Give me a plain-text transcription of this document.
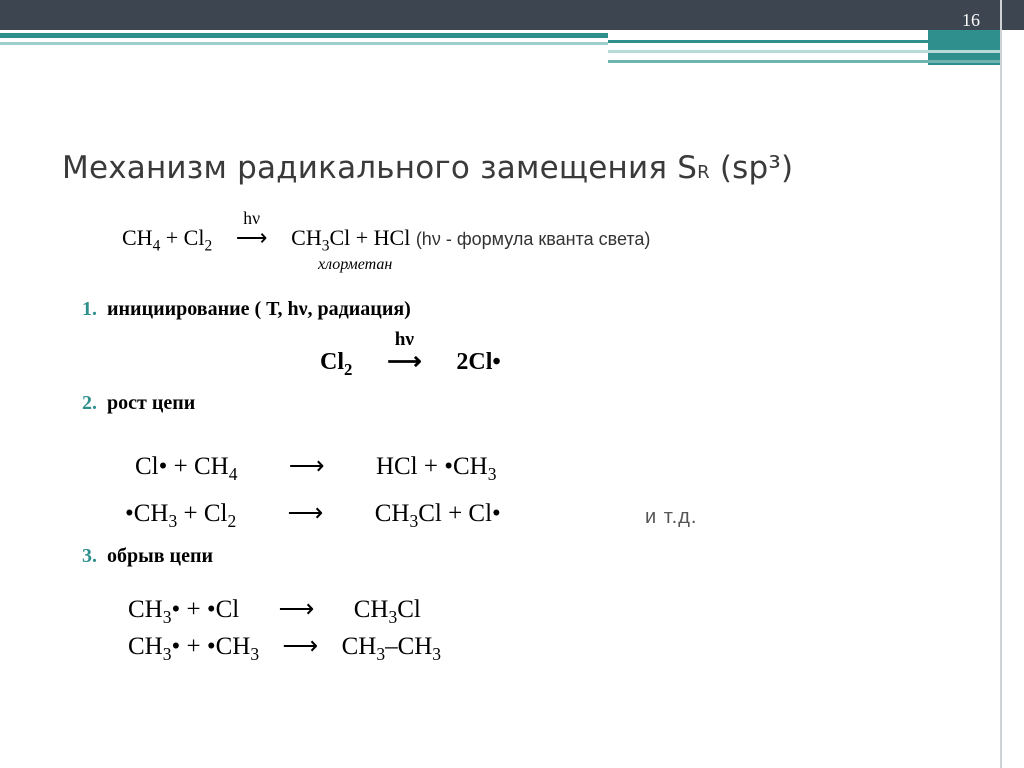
16
Механизм радикального замещения SR (sp³)
$CH_4 + Cl_2$
hν
⟶ $CH_3Cl$ + HCl (hν - формула кванта света)
хлорметан
1. инициирование ( Т, hν, радиация)
$Cl_2$
hν
⟶ 2Cl•
2. рост цепи
Cl• + $CH_4$ ⟶ HCl + $•CH_3$
$•CH_3 + Cl_2$ ⟶ $CH_3Cl$ + Cl•	и т.д.
3. обрыв цепи
$CH_3•$ + •Cl ⟶ $CH_3Cl$
$CH_3•$ + $•CH_3$ ⟶ $CH_3-CH_3$
